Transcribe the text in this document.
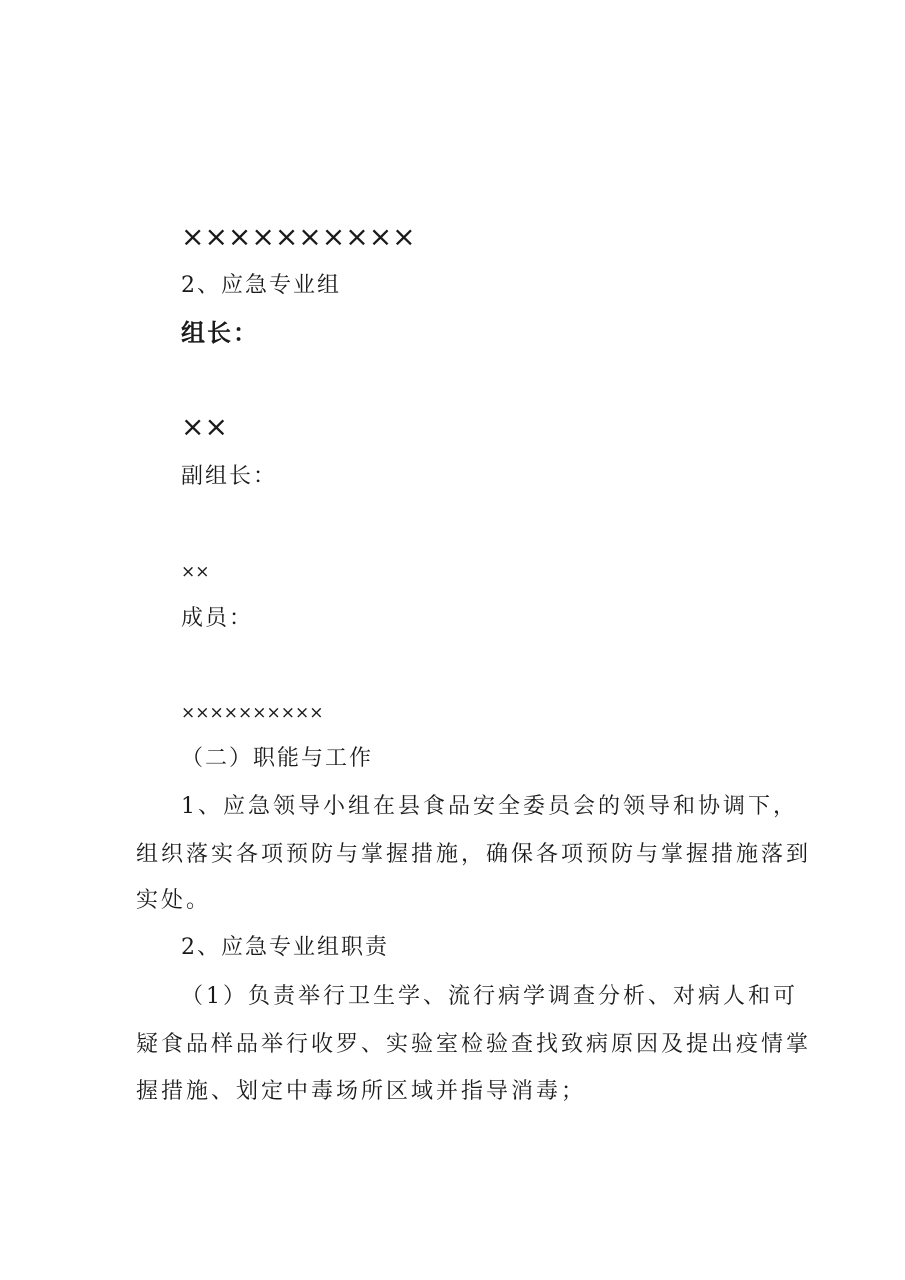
××××××××××
2、应急专业组
组长：
××
副组长：
××
成员：
××××××××××
（二）职能与工作
1、应急领导小组在县食品安全委员会的领导和协调下，
组织落实各项预防与掌握措施，确保各项预防与掌握措施落到
实处。
2、应急专业组职责
（1）负责举行卫生学、流行病学调查分析、对病人和可
疑食品样品举行收罗、实验室检验查找致病原因及提出疫情掌
握措施、划定中毒场所区域并指导消毒；
